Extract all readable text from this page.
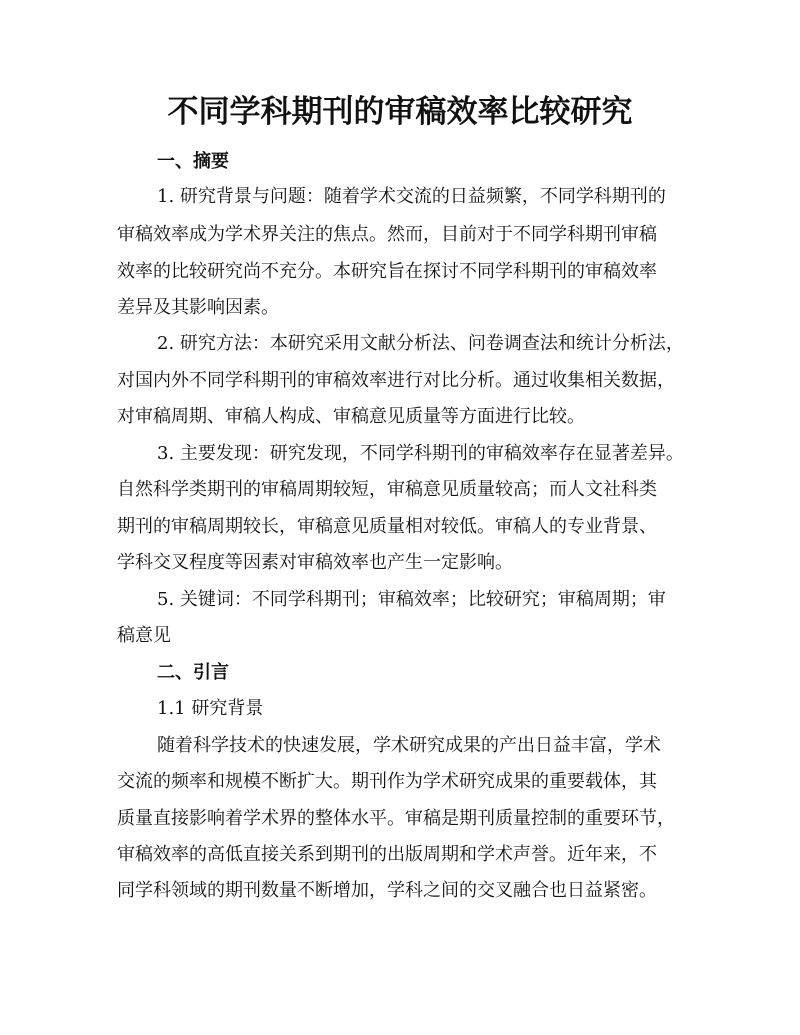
不同学科期刊的审稿效率比较研究
一、摘要
1. 研究背景与问题：随着学术交流的日益频繁，不同学科期刊的
审稿效率成为学术界关注的焦点。然而，目前对于不同学科期刊审稿
效率的比较研究尚不充分。本研究旨在探讨不同学科期刊的审稿效率
差异及其影响因素。
2. 研究方法：本研究采用文献分析法、问卷调查法和统计分析法，
对国内外不同学科期刊的审稿效率进行对比分析。通过收集相关数据，
对审稿周期、审稿人构成、审稿意见质量等方面进行比较。
3. 主要发现：研究发现，不同学科期刊的审稿效率存在显著差异。
自然科学类期刊的审稿周期较短，审稿意见质量较高；而人文社科类
期刊的审稿周期较长，审稿意见质量相对较低。审稿人的专业背景、
学科交叉程度等因素对审稿效率也产生一定影响。
5. 关键词：不同学科期刊；审稿效率；比较研究；审稿周期；审
稿意见
二、引言
1.1 研究背景
随着科学技术的快速发展，学术研究成果的产出日益丰富，学术
交流的频率和规模不断扩大。期刊作为学术研究成果的重要载体，其
质量直接影响着学术界的整体水平。审稿是期刊质量控制的重要环节，
审稿效率的高低直接关系到期刊的出版周期和学术声誉。近年来，不
同学科领域的期刊数量不断增加，学科之间的交叉融合也日益紧密。
